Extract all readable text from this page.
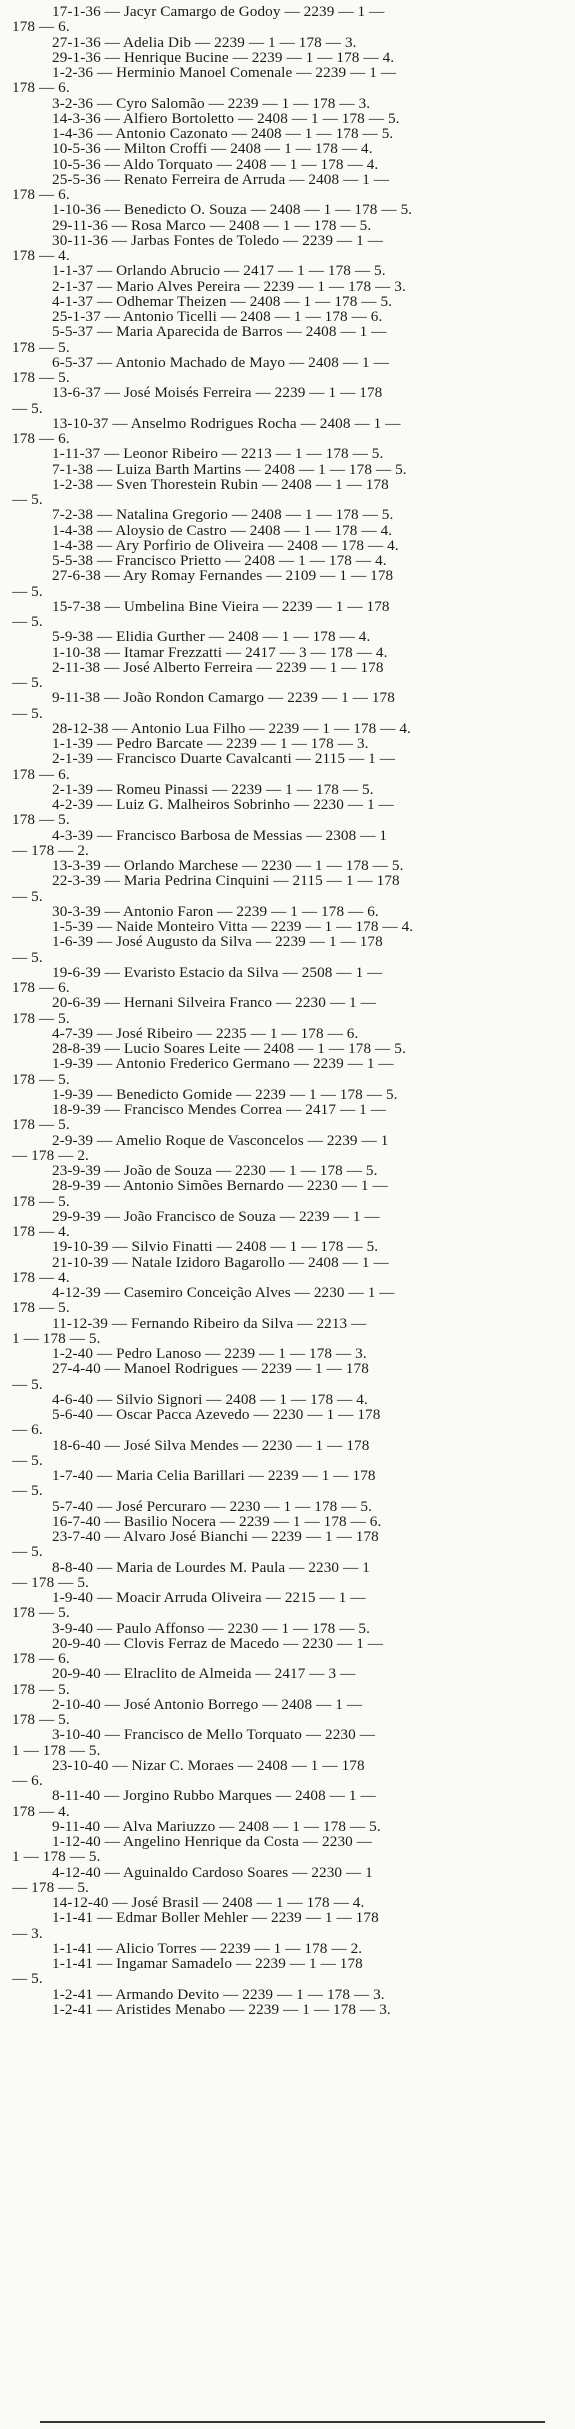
17-1-36 — Jacyr Camargo de Godoy — 2239 — 1 —
178 — 6.
27-1-36 — Adelia Dib — 2239 — 1 — 178 — 3.
29-1-36 — Henrique Bucine — 2239 — 1 — 178 — 4.
1-2-36 — Herminio Manoel Comenale — 2239 — 1 —
178 — 6.
3-2-36 — Cyro Salomão — 2239 — 1 — 178 — 3.
14-3-36 — Alfiero Bortoletto — 2408 — 1 — 178 — 5.
1-4-36 — Antonio Cazonato — 2408 — 1 — 178 — 5.
10-5-36 — Milton Croffi — 2408 — 1 — 178 — 4.
10-5-36 — Aldo Torquato — 2408 — 1 — 178 — 4.
25-5-36 — Renato Ferreira de Arruda — 2408 — 1 —
178 — 6.
1-10-36 — Benedicto O. Souza — 2408 — 1 — 178 — 5.
29-11-36 — Rosa Marco — 2408 — 1 — 178 — 5.
30-11-36 — Jarbas Fontes de Toledo — 2239 — 1 —
178 — 4.
1-1-37 — Orlando Abrucio — 2417 — 1 — 178 — 5.
2-1-37 — Mario Alves Pereira — 2239 — 1 — 178 — 3.
4-1-37 — Odhemar Theizen — 2408 — 1 — 178 — 5.
25-1-37 — Antonio Ticelli — 2408 — 1 — 178 — 6.
5-5-37 — Maria Aparecida de Barros — 2408 — 1 —
178 — 5.
6-5-37 — Antonio Machado de Mayo — 2408 — 1 —
178 — 5.
13-6-37 — José Moisés Ferreira — 2239 — 1 — 178
— 5.
13-10-37 — Anselmo Rodrigues Rocha — 2408 — 1 —
178 — 6.
1-11-37 — Leonor Ribeiro — 2213 — 1 — 178 — 5.
7-1-38 — Luiza Barth Martins — 2408 — 1 — 178 — 5.
1-2-38 — Sven Thorestein Rubin — 2408 — 1 — 178
— 5.
7-2-38 — Natalina Gregorio — 2408 — 1 — 178 — 5.
1-4-38 — Aloysio de Castro — 2408 — 1 — 178 — 4.
1-4-38 — Ary Porfirio de Oliveira — 2408 — 178 — 4.
5-5-38 — Francisco Prietto — 2408 — 1 — 178 — 4.
27-6-38 — Ary Romay Fernandes — 2109 — 1 — 178
— 5.
15-7-38 — Umbelina Bine Vieira — 2239 — 1 — 178
— 5.
5-9-38 — Elidia Gurther — 2408 — 1 — 178 — 4.
1-10-38 — Itamar Frezzatti — 2417 — 3 — 178 — 4.
2-11-38 — José Alberto Ferreira — 2239 — 1 — 178
— 5.
9-11-38 — João Rondon Camargo — 2239 — 1 — 178
— 5.
28-12-38 — Antonio Lua Filho — 2239 — 1 — 178 — 4.
1-1-39 — Pedro Barcate — 2239 — 1 — 178 — 3.
2-1-39 — Francisco Duarte Cavalcanti — 2115 — 1 —
178 — 6.
2-1-39 — Romeu Pinassi — 2239 — 1 — 178 — 5.
4-2-39 — Luiz G. Malheiros Sobrinho — 2230 — 1 —
178 — 5.
4-3-39 — Francisco Barbosa de Messias — 2308 — 1
— 178 — 2.
13-3-39 — Orlando Marchese — 2230 — 1 — 178 — 5.
22-3-39 — Maria Pedrina Cinquini — 2115 — 1 — 178
— 5.
30-3-39 — Antonio Faron — 2239 — 1 — 178 — 6.
1-5-39 — Naide Monteiro Vitta — 2239 — 1 — 178 — 4.
1-6-39 — José Augusto da Silva — 2239 — 1 — 178
— 5.
19-6-39 — Evaristo Estacio da Silva — 2508 — 1 —
178 — 6.
20-6-39 — Hernani Silveira Franco — 2230 — 1 —
178 — 5.
4-7-39 — José Ribeiro — 2235 — 1 — 178 — 6.
28-8-39 — Lucio Soares Leite — 2408 — 1 — 178 — 5.
1-9-39 — Antonio Frederico Germano — 2239 — 1 —
178 — 5.
1-9-39 — Benedicto Gomide — 2239 — 1 — 178 — 5.
18-9-39 — Francisco Mendes Correa — 2417 — 1 —
178 — 5.
2-9-39 — Amelio Roque de Vasconcelos — 2239 — 1
— 178 — 2.
23-9-39 — João de Souza — 2230 — 1 — 178 — 5.
28-9-39 — Antonio Simões Bernardo — 2230 — 1 —
178 — 5.
29-9-39 — João Francisco de Souza — 2239 — 1 —
178 — 4.
19-10-39 — Silvio Finatti — 2408 — 1 — 178 — 5.
21-10-39 — Natale Izidoro Bagarollo — 2408 — 1 —
178 — 4.
4-12-39 — Casemiro Conceição Alves — 2230 — 1 —
178 — 5.
11-12-39 — Fernando Ribeiro da Silva — 2213 —
1 — 178 — 5.
1-2-40 — Pedro Lanoso — 2239 — 1 — 178 — 3.
27-4-40 — Manoel Rodrigues — 2239 — 1 — 178
— 5.
4-6-40 — Silvio Signori — 2408 — 1 — 178 — 4.
5-6-40 — Oscar Pacca Azevedo — 2230 — 1 — 178
— 6.
18-6-40 — José Silva Mendes — 2230 — 1 — 178
— 5.
1-7-40 — Maria Celia Barillari — 2239 — 1 — 178
— 5.
5-7-40 — José Percuraro — 2230 — 1 — 178 — 5.
16-7-40 — Basilio Nocera — 2239 — 1 — 178 — 6.
23-7-40 — Alvaro José Bianchi — 2239 — 1 — 178
— 5.
8-8-40 — Maria de Lourdes M. Paula — 2230 — 1
— 178 — 5.
1-9-40 — Moacir Arruda Oliveira — 2215 — 1 —
178 — 5.
3-9-40 — Paulo Affonso — 2230 — 1 — 178 — 5.
20-9-40 — Clovis Ferraz de Macedo — 2230 — 1 —
178 — 6.
20-9-40 — Elraclito de Almeida — 2417 — 3 —
178 — 5.
2-10-40 — José Antonio Borrego — 2408 — 1 —
178 — 5.
3-10-40 — Francisco de Mello Torquato — 2230 —
1 — 178 — 5.
23-10-40 — Nizar C. Moraes — 2408 — 1 — 178
— 6.
8-11-40 — Jorgino Rubbo Marques — 2408 — 1 —
178 — 4.
9-11-40 — Alva Mariuzzo — 2408 — 1 — 178 — 5.
1-12-40 — Angelino Henrique da Costa — 2230 —
1 — 178 — 5.
4-12-40 — Aguinaldo Cardoso Soares — 2230 — 1
— 178 — 5.
14-12-40 — José Brasil — 2408 — 1 — 178 — 4.
1-1-41 — Edmar Boller Mehler — 2239 — 1 — 178
— 3.
1-1-41 — Alicio Torres — 2239 — 1 — 178 — 2.
1-1-41 — Ingamar Samadelo — 2239 — 1 — 178
— 5.
1-2-41 — Armando Devito — 2239 — 1 — 178 — 3.
1-2-41 — Aristides Menabo — 2239 — 1 — 178 — 3.
